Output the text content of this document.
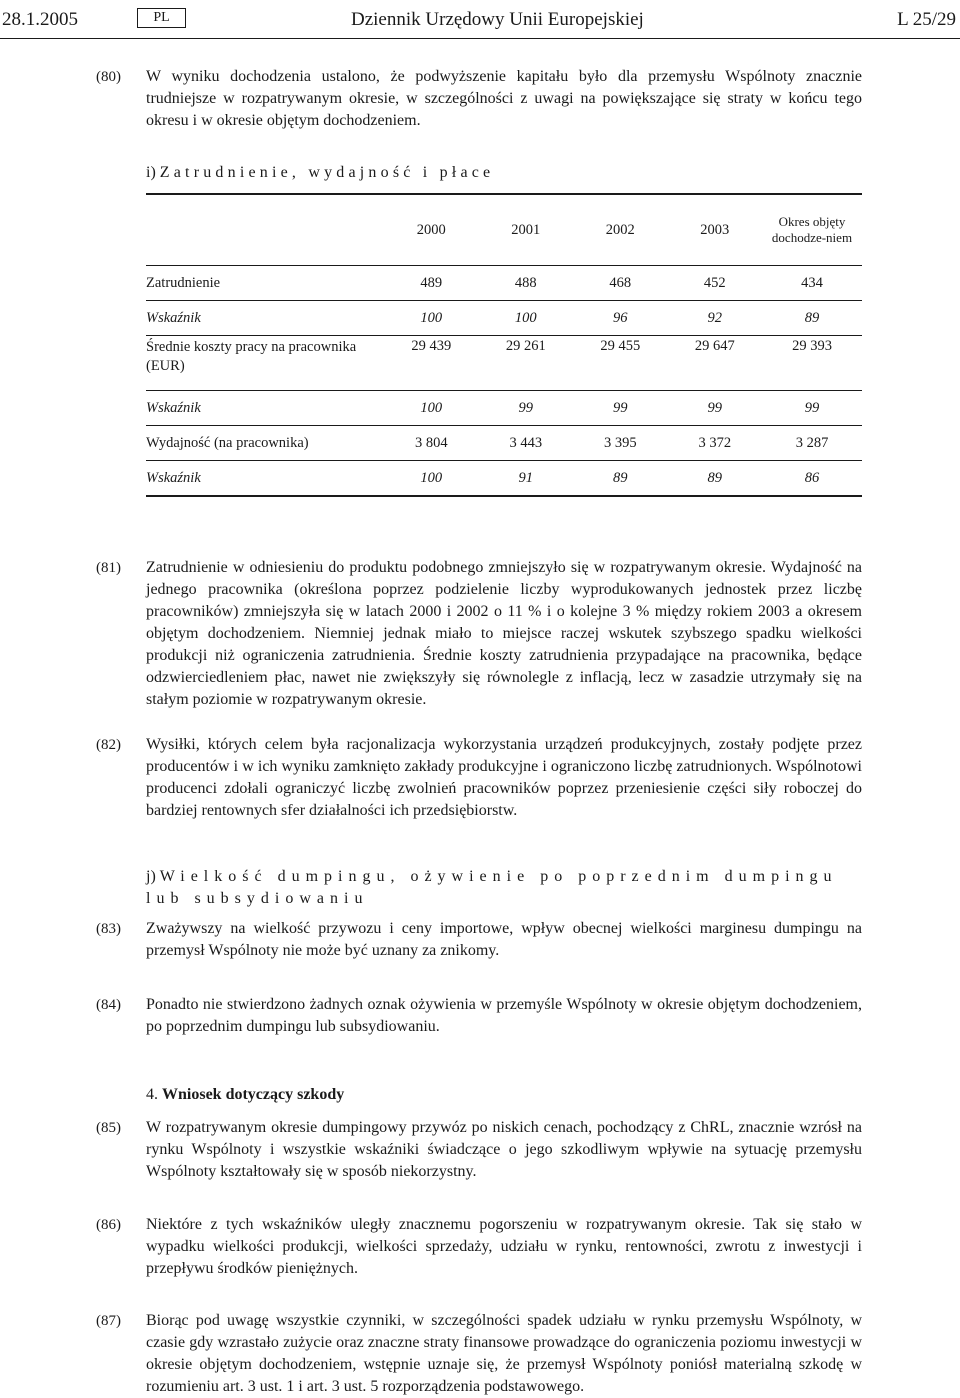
28.1.2005	PL	Dziennik Urzędowy Unii Europejskiej	L 25/29
(80) W wyniku dochodzenia ustalono, że podwyższenie kapitału było dla przemysłu Wspólnoty znacznie trudniejsze w rozpatrywanym okresie, w szczególności z uwagi na powiększające się straty w końcu tego okresu i w okresie objętym dochodzeniem.

i) Zatrudnienie, wydajność i płace
	2000	2001	2002	2003	Okres objęty dochodze-niem
Zatrudnienie	489	488	468	452	434
Wskaźnik	100	100	96	92	89
Średnie koszty pracy na pracownika (EUR)	29 439	29 261	29 455	29 647	29 393
Wskaźnik	100	99	99	99	99
Wydajność (na pracownika)	3 804	3 443	3 395	3 372	3 287
Wskaźnik	100	91	89	89	86
(81) Zatrudnienie w odniesieniu do produktu podobnego zmniejszyło się w rozpatrywanym okresie. Wydajność na jednego pracownika (określona poprzez podzielenie liczby wyprodukowanych jednostek przez liczbę pracowników) zmniejszyła się w latach 2000 i 2002 o 11 % i o kolejne 3 % między rokiem 2003 a okresem objętym dochodzeniem. Niemniej jednak miało to miejsce raczej wskutek szybszego spadku wielkości produkcji niż ograniczenia zatrudnienia. Średnie koszty zatrudnienia przypadające na pracownika, będące odzwierciedleniem płac, nawet nie zwiększyły się równolegle z inflacją, lecz w zasadzie utrzymały się na stałym poziomie w rozpatrywanym okresie.

(82) Wysiłki, których celem była racjonalizacja wykorzystania urządzeń produkcyjnych, zostały podjęte przez producentów i w ich wyniku zamknięto zakłady produkcyjne i ograniczono liczbę zatrudnionych. Wspólnotowi producenci zdołali ograniczyć liczbę zwolnień pracowników poprzez przeniesienie części siły roboczej do bardziej rentownych sfer działalności ich przedsiębiorstw.

j) Wielkość dumpingu, ożywienie po poprzednim dumpingu lub subsydiowaniu
(83) Zważywszy na wielkość przywozu i ceny importowe, wpływ obecnej wielkości marginesu dumpingu na przemysł Wspólnoty nie może być uznany za znikomy.

(84) Ponadto nie stwierdzono żadnych oznak ożywienia w przemyśle Wspólnoty w okresie objętym dochodzeniem, po poprzednim dumpingu lub subsydiowaniu.

4. Wniosek dotyczący szkody
(85) W rozpatrywanym okresie dumpingowy przywóz po niskich cenach, pochodzący z ChRL, znacznie wzrósł na rynku Wspólnoty i wszystkie wskaźniki świadczące o jego szkodliwym wpływie na sytuację przemysłu Wspólnoty kształtowały się w sposób niekorzystny.

(86) Niektóre z tych wskaźników uległy znacznemu pogorszeniu w rozpatrywanym okresie. Tak się stało w wypadku wielkości produkcji, wielkości sprzedaży, udziału w rynku, rentowności, zwrotu z inwestycji i przepływu środków pieniężnych.

(87) Biorąc pod uwagę wszystkie czynniki, w szczególności spadek udziału w rynku przemysłu Wspólnoty, w czasie gdy wzrastało zużycie oraz znaczne straty finansowe prowadzące do ograniczenia poziomu inwestycji w okresie objętym dochodzeniem, wstępnie uznaje się, że przemysł Wspólnoty poniósł materialną szkodę w rozumieniu art. 3 ust. 1 i art. 3 ust. 5 rozporządzenia podstawowego.
